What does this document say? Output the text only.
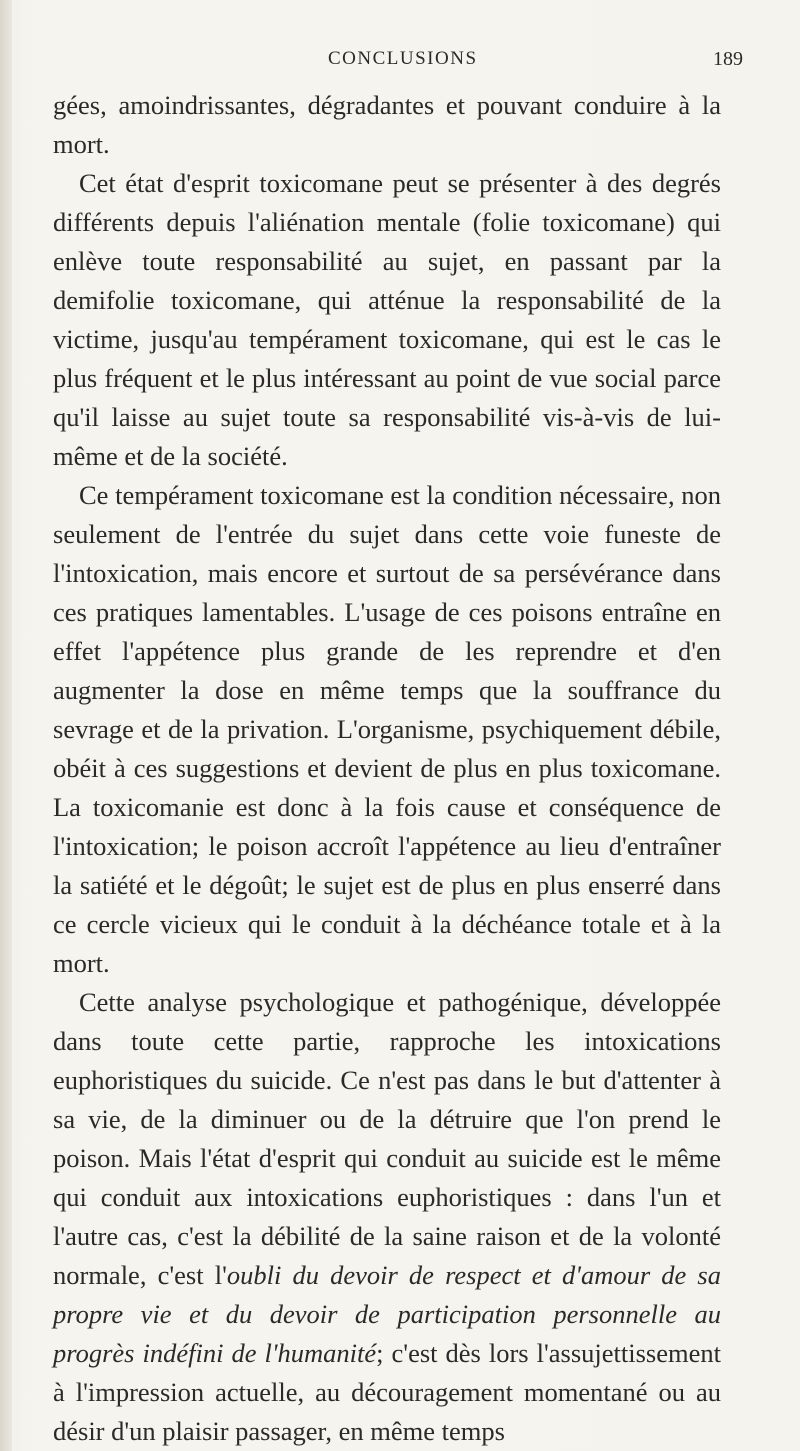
CONCLUSIONS	189

gées, amoindrissantes, dégradantes et pouvant conduire à la mort.

Cet état d'esprit toxicomane peut se présenter à des degrés différents depuis l'aliénation mentale (folie toxicomane) qui enlève toute responsabilité au sujet, en passant par la demifolie toxicomane, qui atténue la responsabilité de la victime, jusqu'au tempérament toxicomane, qui est le cas le plus fréquent et le plus intéressant au point de vue social parce qu'il laisse au sujet toute sa responsabilité vis-à-vis de lui-même et de la société.

Ce tempérament toxicomane est la condition nécessaire, non seulement de l'entrée du sujet dans cette voie funeste de l'intoxication, mais encore et surtout de sa persévérance dans ces pratiques lamentables. L'usage de ces poisons entraîne en effet l'appétence plus grande de les reprendre et d'en augmenter la dose en même temps que la souffrance du sevrage et de la privation. L'organisme, psychiquement débile, obéit à ces suggestions et devient de plus en plus toxicomane. La toxicomanie est donc à la fois cause et conséquence de l'intoxication; le poison accroît l'appétence au lieu d'entraîner la satiété et le dégoût; le sujet est de plus en plus enserré dans ce cercle vicieux qui le conduit à la déchéance totale et à la mort.

Cette analyse psychologique et pathogénique, développée dans toute cette partie, rapproche les intoxications euphoristiques du suicide. Ce n'est pas dans le but d'attenter à sa vie, de la diminuer ou de la détruire que l'on prend le poison. Mais l'état d'esprit qui conduit au suicide est le même qui conduit aux intoxications euphoristiques : dans l'un et l'autre cas, c'est la débilité de la saine raison et de la volonté normale, c'est l'oubli du devoir de respect et d'amour de sa propre vie et du devoir de participation personnelle au progrès indéfini de l'humanité; c'est dès lors l'assujettissement à l'impression actuelle, au découragement momentané ou au désir d'un plaisir passager, en même temps
